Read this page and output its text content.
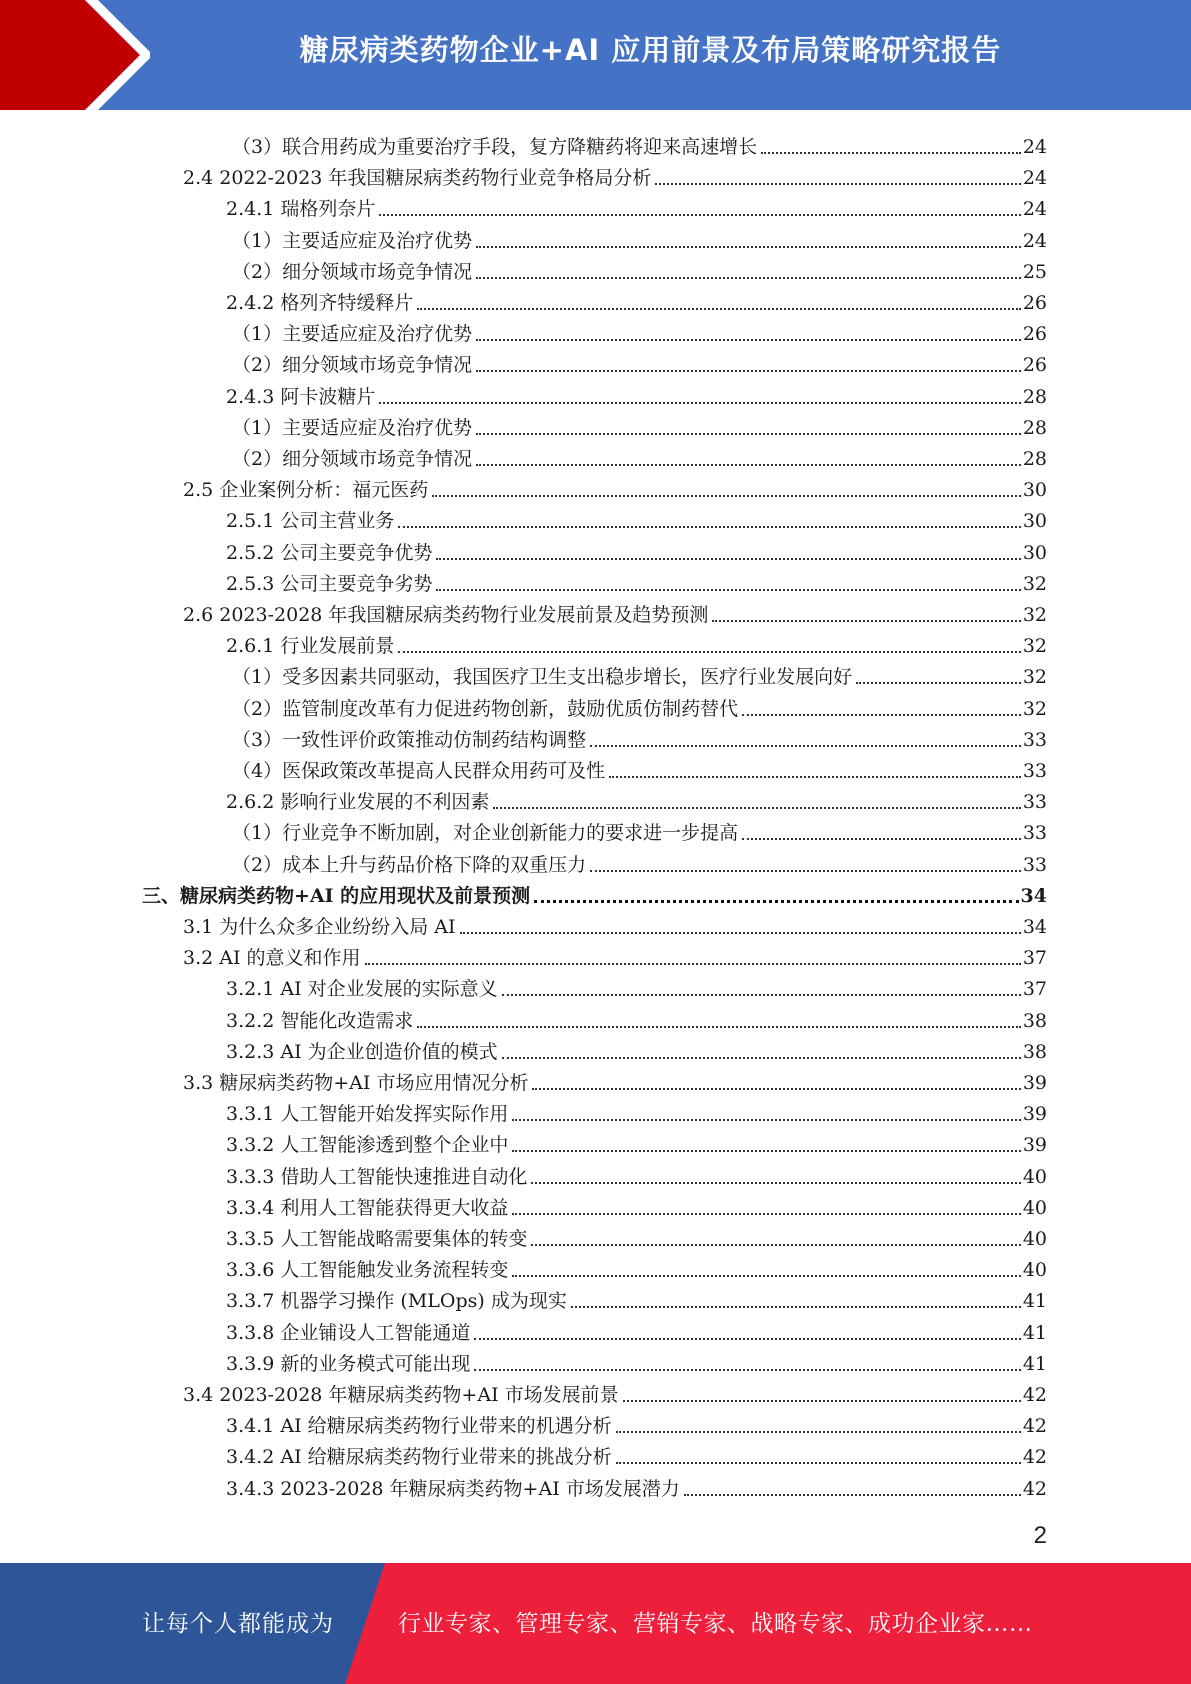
糖尿病类药物企业+AI 应用前景及布局策略研究报告
（3）联合用药成为重要治疗手段，复方降糖药将迎来高速增长	24
2.4 2022-2023 年我国糖尿病类药物行业竞争格局分析	24
2.4.1 瑞格列奈片	24
（1）主要适应症及治疗优势	24
（2）细分领域市场竞争情况	25
2.4.2 格列齐特缓释片	26
（1）主要适应症及治疗优势	26
（2）细分领域市场竞争情况	26
2.4.3 阿卡波糖片	28
（1）主要适应症及治疗优势	28
（2）细分领域市场竞争情况	28
2.5 企业案例分析：福元医药	30
2.5.1 公司主营业务	30
2.5.2 公司主要竞争优势	30
2.5.3 公司主要竞争劣势	32
2.6 2023-2028 年我国糖尿病类药物行业发展前景及趋势预测	32
2.6.1 行业发展前景	32
（1）受多因素共同驱动，我国医疗卫生支出稳步增长，医疗行业发展向好	32
（2）监管制度改革有力促进药物创新，鼓励优质仿制药替代	32
（3）一致性评价政策推动仿制药结构调整	33
（4）医保政策改革提高人民群众用药可及性	33
2.6.2 影响行业发展的不利因素	33
（1）行业竞争不断加剧，对企业创新能力的要求进一步提高	33
（2）成本上升与药品价格下降的双重压力	33
三、糖尿病类药物+AI 的应用现状及前景预测	34
3.1 为什么众多企业纷纷入局 AI	34
3.2 AI 的意义和作用	37
3.2.1 AI 对企业发展的实际意义	37
3.2.2 智能化改造需求	38
3.2.3 AI 为企业创造价值的模式	38
3.3 糖尿病类药物+AI 市场应用情况分析	39
3.3.1 人工智能开始发挥实际作用	39
3.3.2 人工智能渗透到整个企业中	39
3.3.3 借助人工智能快速推进自动化	40
3.3.4 利用人工智能获得更大收益	40
3.3.5 人工智能战略需要集体的转变	40
3.3.6 人工智能触发业务流程转变	40
3.3.7 机器学习操作 (MLOps) 成为现实	41
3.3.8 企业铺设人工智能通道	41
3.3.9 新的业务模式可能出现	41
3.4 2023-2028 年糖尿病类药物+AI 市场发展前景	42
3.4.1 AI 给糖尿病类药物行业带来的机遇分析	42
3.4.2 AI 给糖尿病类药物行业带来的挑战分析	42
3.4.3 2023-2028 年糖尿病类药物+AI 市场发展潜力	42
2
让每个人都能成为	行业专家、管理专家、营销专家、战略专家、成功企业家……
